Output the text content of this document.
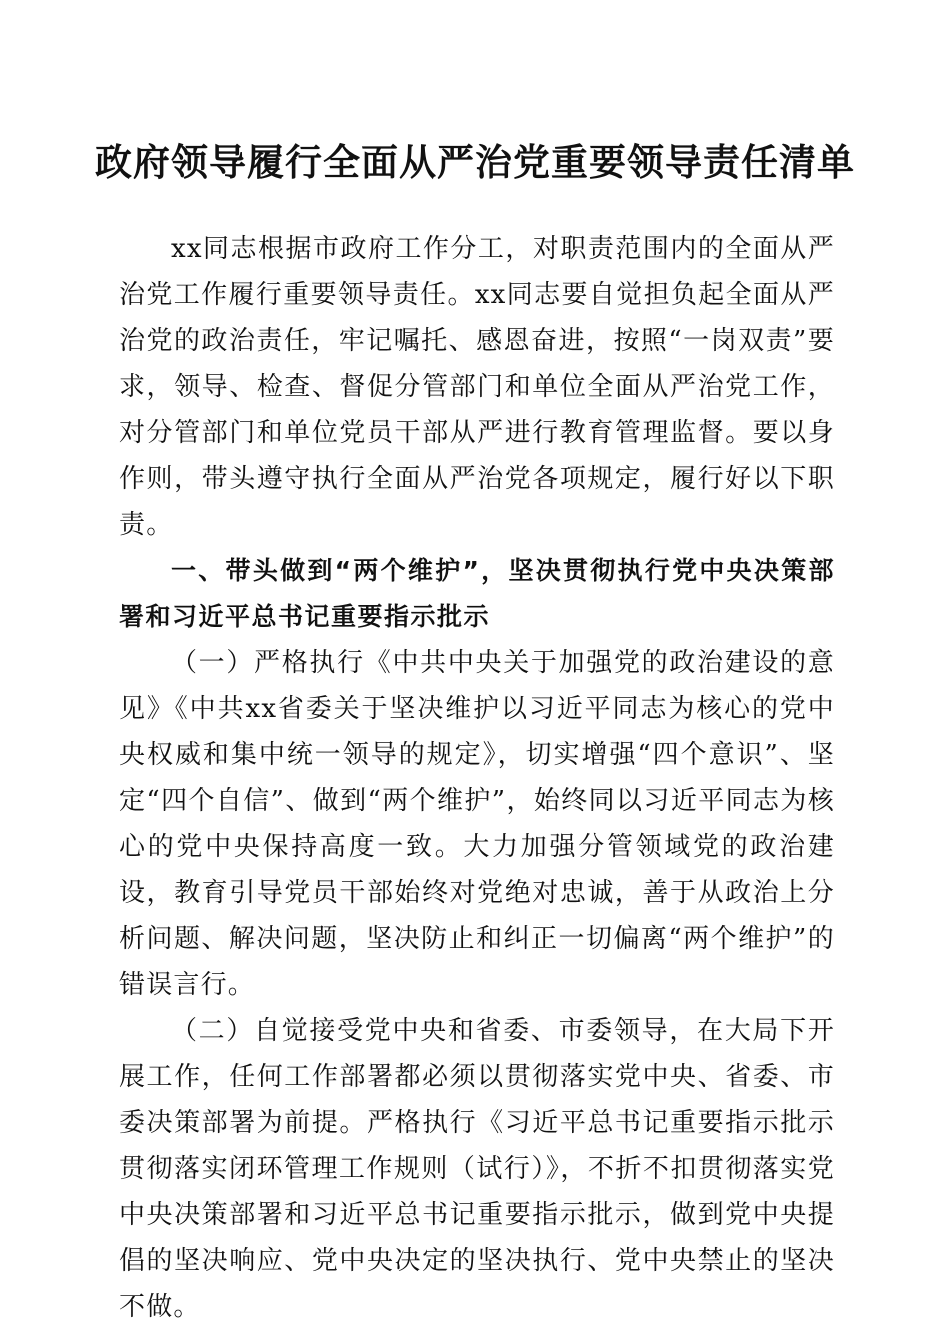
政府领导履行全面从严治党重要领导责任清单

xx同志根据市政府工作分工，对职责范围内的全面从严治党工作履行重要领导责任。xx同志要自觉担负起全面从严治党的政治责任，牢记嘱托、感恩奋进，按照“一岗双责”要求，领导、检查、督促分管部门和单位全面从严治党工作，对分管部门和单位党员干部从严进行教育管理监督。要以身作则，带头遵守执行全面从严治党各项规定，履行好以下职责。

一、带头做到“两个维护”，坚决贯彻执行党中央决策部署和习近平总书记重要指示批示

（一）严格执行《中共中央关于加强党的政治建设的意见》《中共xx省委关于坚决维护以习近平同志为核心的党中央权威和集中统一领导的规定》，切实增强“四个意识”、坚定“四个自信”、做到“两个维护”，始终同以习近平同志为核心的党中央保持高度一致。大力加强分管领域党的政治建设，教育引导党员干部始终对党绝对忠诚，善于从政治上分析问题、解决问题，坚决防止和纠正一切偏离“两个维护”的错误言行。

（二）自觉接受党中央和省委、市委领导，在大局下开展工作，任何工作部署都必须以贯彻落实党中央、省委、市委决策部署为前提。严格执行《习近平总书记重要指示批示贯彻落实闭环管理工作规则（试行）》，不折不扣贯彻落实党中央决策部署和习近平总书记重要指示批示，做到党中央提倡的坚决响应、党中央决定的坚决执行、党中央禁止的坚决不做。
